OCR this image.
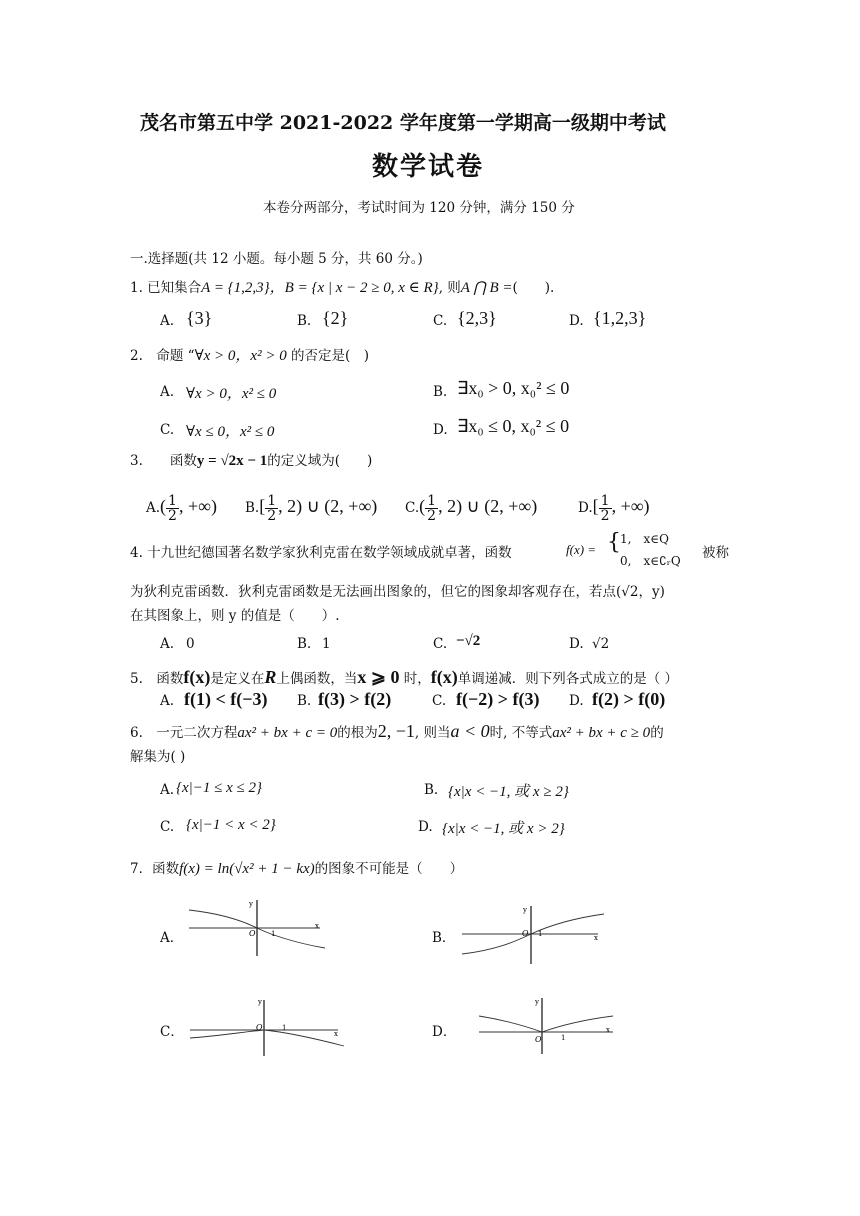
茂名市第五中学 2021-2022 学年度第一学期高一级期中考试
数学试卷
本卷分两部分，考试时间为 120 分钟，满分 150 分
一.选择题(共 12 小题。每小题 5 分，共 60 分。)
1. 已知集合A = {1,2,3}，B = {x | x − 2 ≥ 0, x ∈ R}, 则A ⋂ B =(　　).
A. {3}	B. {2}	C. {2,3}	D. {1,2,3}
2.　命题 “∀x > 0，x² > 0 的否定是(　)
A. ∀x > 0，x² ≤ 0	B. ∃x₀ > 0, x₀² ≤ 0
C. ∀x ≤ 0，x² ≤ 0	D. ∃x₀ ≤ 0, x₀² ≤ 0
3.　　函数y = √2x − 1的定义域为(　　)
$A.( \frac{1}{2}$ , +∞) $B.[ \frac{1}{2}$ , 2) ∪ (2, +∞) $C.( \frac{1}{2}$ , 2) ∪ (2, +∞)	$D.[ \frac{1}{2}$ , +∞)
4. 十九世纪德国著名数学家狄利克雷在数学领域成就卓著，函数	f(x) = { 1,　x∈Q
0,　x∈∁ᵣQ 被称
为狄利克雷函数．狄利克雷函数是无法画出图象的，但它的图象却客观存在，若点(√2，y)
在其图象上，则 y 的值是（　　）.
A. 0	B. 1	C. −√2	D. √2
5.　函数f(x)是定义在R上偶函数，当x ⩾ 0 时，f(x)单调递减．则下列各式成立的是（ ）
A. f(1) < f(−3) B. f(3) > f(2)	C. f(−2) > f(3) D. f(2) > f(0)
6.　一元二次方程ax² + bx + c = 0的根为2, −1, 则当a < 0时, 不等式ax² + bx + c ≥ 0的
解集为( )
A. {x|−1 ≤ x ≤ 2}	B. {x|x < −1, 或 x ≥ 2}
C. {x|−1 < x < 2}	D. {x|x < −1, 或 x > 2}
7．函数f(x) = ln(√x² + 1 − kx)的图象不可能是（　　）
A．	B．
C．	D．
y
x
O 1
y
x
O 1
y
x
O	1
y
x
O	1
